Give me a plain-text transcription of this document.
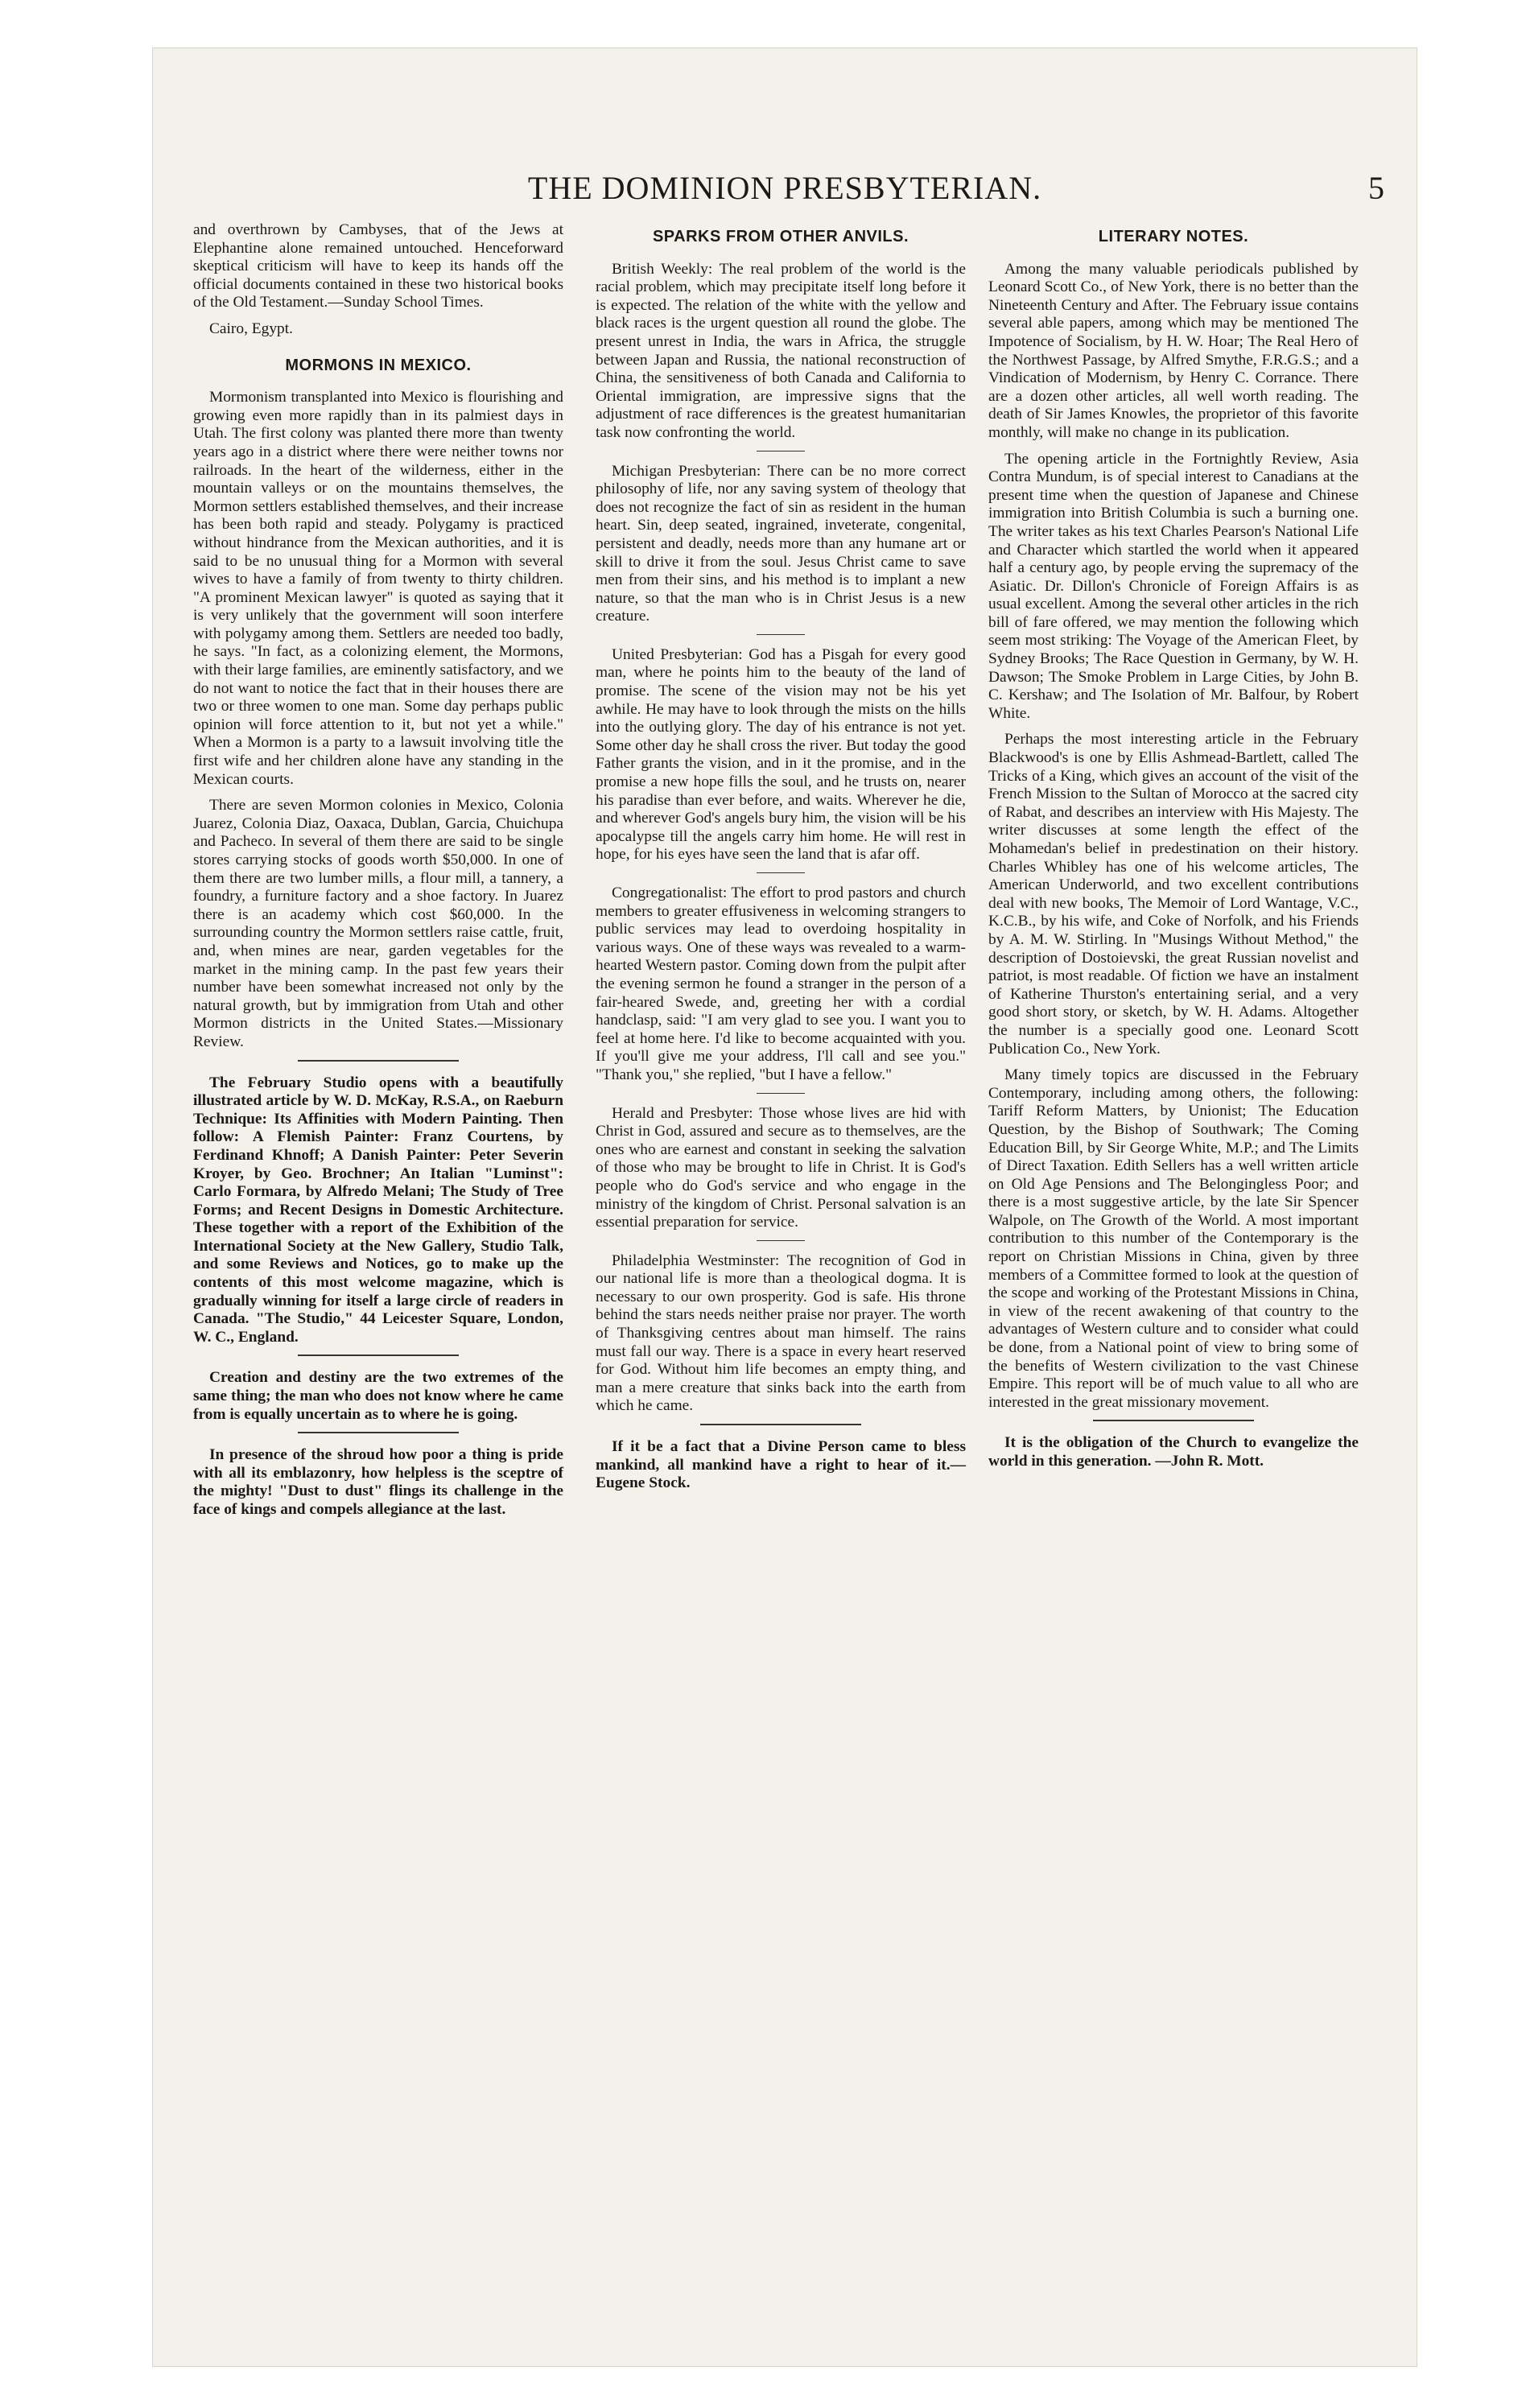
THE DOMINION PRESBYTERIAN.	5

and overthrown by Cambyses, that of the Jews at Elephantine alone remained untouched. Henceforward skeptical criticism will have to keep its hands off the official documents contained in these two historical books of the Old Testament.—Sunday School Times.

Cairo, Egypt.

MORMONS IN MEXICO.

Mormonism transplanted into Mexico is flourishing and growing even more rapidly than in its palmiest days in Utah. The first colony was planted there more than twenty years ago in a district where there were neither towns nor railroads. In the heart of the wilderness, either in the mountain valleys or on the mountains themselves, the Mormon settlers established themselves, and their increase has been both rapid and steady. Polygamy is practiced without hindrance from the Mexican authorities, and it is said to be no unusual thing for a Mormon with several wives to have a family of from twenty to thirty children. "A prominent Mexican lawyer" is quoted as saying that it is very unlikely that the government will soon interfere with polygamy among them. Settlers are needed too badly, he says. "In fact, as a colonizing element, the Mormons, with their large families, are eminently satisfactory, and we do not want to notice the fact that in their houses there are two or three women to one man. Some day perhaps public opinion will force attention to it, but not yet a while." When a Mormon is a party to a lawsuit involving title the first wife and her children alone have any standing in the Mexican courts.

There are seven Mormon colonies in Mexico, Colonia Juarez, Colonia Diaz, Oaxaca, Dublan, Garcia, Chuichupa and Pacheco. In several of them there are said to be single stores carrying stocks of goods worth $50,000. In one of them there are two lumber mills, a flour mill, a tannery, a foundry, a furniture factory and a shoe factory. In Juarez there is an academy which cost $60,000. In the surrounding country the Mormon settlers raise cattle, fruit, and, when mines are near, garden vegetables for the market in the mining camp. In the past few years their number have been somewhat increased not only by the natural growth, but by immigration from Utah and other Mormon districts in the United States.—Missionary Review.

The February Studio opens with a beautifully illustrated article by W. D. McKay, R.S.A., on Raeburn Technique: Its Affinities with Modern Painting. Then follow: A Flemish Painter: Franz Courtens, by Ferdinand Khnoff; A Danish Painter: Peter Severin Kroyer, by Geo. Brochner; An Italian "Luminst": Carlo Formara, by Alfredo Melani; The Study of Tree Forms; and Recent Designs in Domestic Architecture. These together with a report of the Exhibition of the International Society at the New Gallery, Studio Talk, and some Reviews and Notices, go to make up the contents of this most welcome magazine, which is gradually winning for itself a large circle of readers in Canada. "The Studio," 44 Leicester Square, London, W. C., England.

Creation and destiny are the two extremes of the same thing; the man who does not know where he came from is equally uncertain as to where he is going.

In presence of the shroud how poor a thing is pride with all its emblazonry, how helpless is the sceptre of the mighty! "Dust to dust" flings its challenge in the face of kings and compels allegiance at the last.

SPARKS FROM OTHER ANVILS.

British Weekly: The real problem of the world is the racial problem, which may precipitate itself long before it is expected. The relation of the white with the yellow and black races is the urgent question all round the globe. The present unrest in India, the wars in Africa, the struggle between Japan and Russia, the national reconstruction of China, the sensitiveness of both Canada and California to Oriental immigration, are impressive signs that the adjustment of race differences is the greatest humanitarian task now confronting the world.

Michigan Presbyterian: There can be no more correct philosophy of life, nor any saving system of theology that does not recognize the fact of sin as resident in the human heart. Sin, deep seated, ingrained, inveterate, congenital, persistent and deadly, needs more than any humane art or skill to drive it from the soul. Jesus Christ came to save men from their sins, and his method is to implant a new nature, so that the man who is in Christ Jesus is a new creature.

United Presbyterian: God has a Pisgah for every good man, where he points him to the beauty of the land of promise. The scene of the vision may not be his yet awhile. He may have to look through the mists on the hills into the outlying glory. The day of his entrance is not yet. Some other day he shall cross the river. But today the good Father grants the vision, and in it the promise, and in the promise a new hope fills the soul, and he trusts on, nearer his paradise than ever before, and waits. Wherever he die, and wherever God's angels bury him, the vision will be his apocalypse till the angels carry him home. He will rest in hope, for his eyes have seen the land that is afar off.

Congregationalist: The effort to prod pastors and church members to greater effusiveness in welcoming strangers to public services may lead to overdoing hospitality in various ways. One of these ways was revealed to a warm-hearted Western pastor. Coming down from the pulpit after the evening sermon he found a stranger in the person of a fair-heared Swede, and, greeting her with a cordial handclasp, said: "I am very glad to see you. I want you to feel at home here. I'd like to become acquainted with you. If you'll give me your address, I'll call and see you." "Thank you," she replied, "but I have a fellow."

Herald and Presbyter: Those whose lives are hid with Christ in God, assured and secure as to themselves, are the ones who are earnest and constant in seeking the salvation of those who may be brought to life in Christ. It is God's people who do God's service and who engage in the ministry of the kingdom of Christ. Personal salvation is an essential preparation for service.

Philadelphia Westminster: The recognition of God in our national life is more than a theological dogma. It is necessary to our own prosperity. God is safe. His throne behind the stars needs neither praise nor prayer. The worth of Thanksgiving centres about man himself. The rains must fall our way. There is a space in every heart reserved for God. Without him life becomes an empty thing, and man a mere creature that sinks back into the earth from which he came.

If it be a fact that a Divine Person came to bless mankind, all mankind have a right to hear of it.—Eugene Stock.

LITERARY NOTES.

Among the many valuable periodicals published by Leonard Scott Co., of New York, there is no better than the Nineteenth Century and After. The February issue contains several able papers, among which may be mentioned The Impotence of Socialism, by H. W. Hoar; The Real Hero of the Northwest Passage, by Alfred Smythe, F.R.G.S.; and a Vindication of Modernism, by Henry C. Corrance. There are a dozen other articles, all well worth reading. The death of Sir James Knowles, the proprietor of this favorite monthly, will make no change in its publication.

The opening article in the Fortnightly Review, Asia Contra Mundum, is of special interest to Canadians at the present time when the question of Japanese and Chinese immigration into British Columbia is such a burning one. The writer takes as his text Charles Pearson's National Life and Character which startled the world when it appeared half a century ago, by people erving the supremacy of the Asiatic. Dr. Dillon's Chronicle of Foreign Affairs is as usual excellent. Among the several other articles in the rich bill of fare offered, we may mention the following which seem most striking: The Voyage of the American Fleet, by Sydney Brooks; The Race Question in Germany, by W. H. Dawson; The Smoke Problem in Large Cities, by John B. C. Kershaw; and The Isolation of Mr. Balfour, by Robert White.

Perhaps the most interesting article in the February Blackwood's is one by Ellis Ashmead-Bartlett, called The Tricks of a King, which gives an account of the visit of the French Mission to the Sultan of Morocco at the sacred city of Rabat, and describes an interview with His Majesty. The writer discusses at some length the effect of the Mohamedan's belief in predestination on their history. Charles Whibley has one of his welcome articles, The American Underworld, and two excellent contributions deal with new books, The Memoir of Lord Wantage, V.C., K.C.B., by his wife, and Coke of Norfolk, and his Friends by A. M. W. Stirling. In "Musings Without Method," the description of Dostoievski, the great Russian novelist and patriot, is most readable. Of fiction we have an instalment of Katherine Thurston's entertaining serial, and a very good short story, or sketch, by W. H. Adams. Altogether the number is a specially good one. Leonard Scott Publication Co., New York.

Many timely topics are discussed in the February Contemporary, including among others, the following: Tariff Reform Matters, by Unionist; The Education Question, by the Bishop of Southwark; The Coming Education Bill, by Sir George White, M.P.; and The Limits of Direct Taxation. Edith Sellers has a well written article on Old Age Pensions and The Belongingless Poor; and there is a most suggestive article, by the late Sir Spencer Walpole, on The Growth of the World. A most important contribution to this number of the Contemporary is the report on Christian Missions in China, given by three members of a Committee formed to look at the question of the scope and working of the Protestant Missions in China, in view of the recent awakening of that country to the advantages of Western culture and to consider what could be done, from a National point of view to bring some of the benefits of Western civilization to the vast Chinese Empire. This report will be of much value to all who are interested in the great missionary movement.

It is the obligation of the Church to evangelize the world in this generation. —John R. Mott.
